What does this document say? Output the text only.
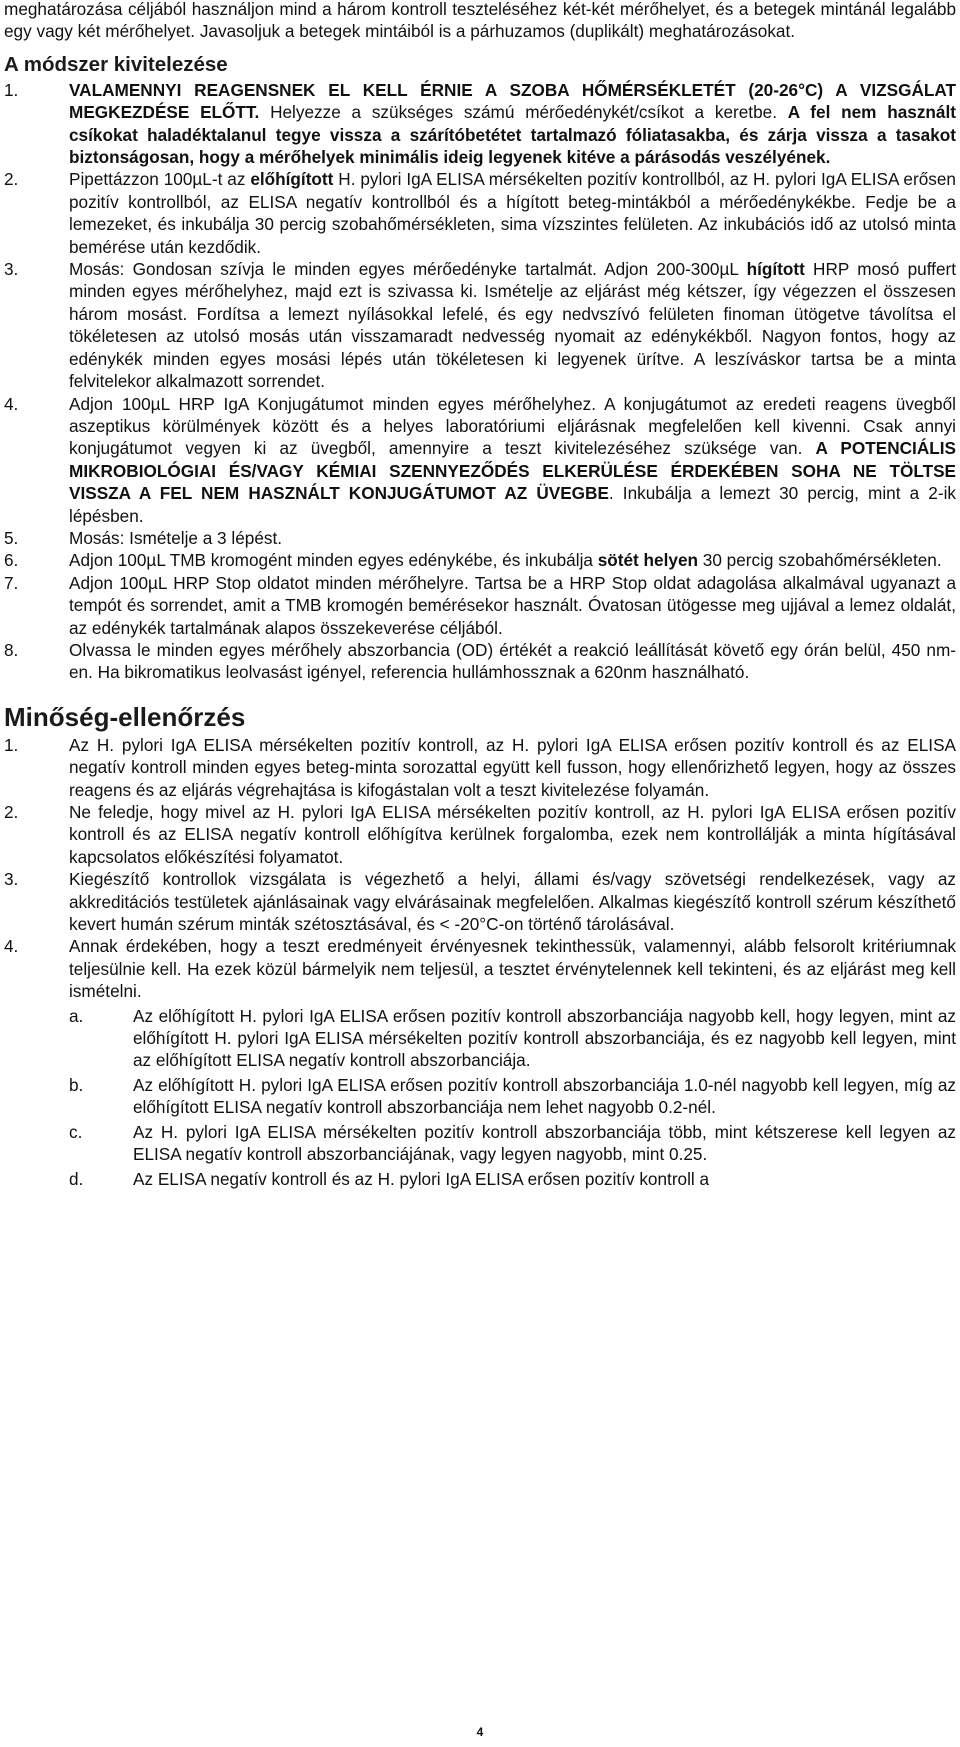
meghatározása céljából használjon mind a három kontroll teszteléséhez két-két mérőhelyet, és a betegek mintánál legalább egy vagy két mérőhelyet. Javasoljuk a betegek mintáiból is a párhuzamos (duplikált) meghatározásokat.

A módszer kivitelezése
1.	VALAMENNYI REAGENSNEK EL KELL ÉRNIE A SZOBA HŐMÉRSÉKLETÉT (20-26°C) A VIZSGÁLAT MEGKEZDÉSE ELŐTT. Helyezze a szükséges számú mérőedénykét/csíkot a keretbe. A fel nem használt csíkokat haladéktalanul tegye vissza a szárítóbetétet tartalmazó fóliatasakba, és zárja vissza a tasakot biztonságosan, hogy a mérőhelyek minimális ideig legyenek kitéve a párásodás veszélyének.
2.	Pipettázzon 100µL-t az előhígított H. pylori IgA ELISA mérsékelten pozitív kontrollból, az H. pylori IgA ELISA erősen pozitív kontrollból, az ELISA negatív kontrollból és a hígított beteg-mintákból a mérőedénykékbe. Fedje be a lemezeket, és inkubálja 30 percig szobahőmérsékleten, sima vízszintes felületen. Az inkubációs idő az utolsó minta bemérése után kezdődik.
3.	Mosás: Gondosan szívja le minden egyes mérőedényke tartalmát. Adjon 200-300µL hígított HRP mosó puffert minden egyes mérőhelyhez, majd ezt is szivassa ki. Ismételje az eljárást még kétszer, így végezzen el összesen három mosást. Fordítsa a lemezt nyílásokkal lefelé, és egy nedvszívó felületen finoman ütögetve távolítsa el tökéletesen az utolsó mosás után visszamaradt nedvesség nyomait az edénykékből. Nagyon fontos, hogy az edénykék minden egyes mosási lépés után tökéletesen ki legyenek ürítve. A leszíváskor tartsa be a minta felvitelekor alkalmazott sorrendet.
4.	Adjon 100µL HRP IgA Konjugátumot minden egyes mérőhelyhez. A konjugátumot az eredeti reagens üvegből aszeptikus körülmények között és a helyes laboratóriumi eljárásnak megfelelően kell kivenni. Csak annyi konjugátumot vegyen ki az üvegből, amennyire a teszt kivitelezéséhez szüksége van. A POTENCIÁLIS MIKROBIOLÓGIAI ÉS/VAGY KÉMIAI SZENNYEZŐDÉS ELKERÜLÉSE ÉRDEKÉBEN SOHA NE TÖLTSE VISSZA A FEL NEM HASZNÁLT KONJUGÁTUMOT AZ ÜVEGBE. Inkubálja a lemezt 30 percig, mint a 2-ik lépésben.
5.	Mosás: Ismételje a 3 lépést.
6.	Adjon 100µL TMB kromogént minden egyes edénykébe, és inkubálja sötét helyen 30 percig szobahőmérsékleten.
7.	Adjon 100µL HRP Stop oldatot minden mérőhelyre. Tartsa be a HRP Stop oldat adagolása alkalmával ugyanazt a tempót és sorrendet, amit a TMB kromogén bemérésekor használt. Óvatosan ütögesse meg ujjával a lemez oldalát, az edénykék tartalmának alapos összekeverése céljából.
8.	Olvassa le minden egyes mérőhely abszorbancia (OD) értékét a reakció leállítását követő egy órán belül, 450 nm-en. Ha bikromatikus leolvasást igényel, referencia hullámhossznak a 620nm használható.
Minőség-ellenőrzés
1.	Az H. pylori IgA ELISA mérsékelten pozitív kontroll, az H. pylori IgA ELISA erősen pozitív kontroll és az ELISA negatív kontroll minden egyes beteg-minta sorozattal együtt kell fusson, hogy ellenőrizhető legyen, hogy az összes reagens és az eljárás végrehajtása is kifogástalan volt a teszt kivitelezése folyamán.
2.	Ne feledje, hogy mivel az H. pylori IgA ELISA mérsékelten pozitív kontroll, az H. pylori IgA ELISA erősen pozitív kontroll és az ELISA negatív kontroll előhígítva kerülnek forgalomba, ezek nem kontrollálják a minta hígításával kapcsolatos előkészítési folyamatot.
3.	Kiegészítő kontrollok vizsgálata is végezhető a helyi, állami és/vagy szövetségi rendelkezések, vagy az akkreditációs testületek ajánlásainak vagy elvárásainak megfelelően. Alkalmas kiegészítő kontroll szérum készíthető kevert humán szérum minták szétosztásával, és < -20°C-on történő tárolásával.
4.	Annak érdekében, hogy a teszt eredményeit érvényesnek tekinthessük, valamennyi, alább felsorolt kritériumnak teljesülnie kell. Ha ezek közül bármelyik nem teljesül, a tesztet érvénytelennek kell tekinteni, és az eljárást meg kell ismételni.
a.	Az előhígított H. pylori IgA ELISA erősen pozitív kontroll abszorbanciája nagyobb kell, hogy legyen, mint az előhígított H. pylori IgA ELISA mérsékelten pozitív kontroll abszorbanciája, és ez nagyobb kell legyen, mint az előhígított ELISA negatív kontroll abszorbanciája.
b.	Az előhígított H. pylori IgA ELISA erősen pozitív kontroll abszorbanciája 1.0-nél nagyobb kell legyen, míg az előhígított ELISA negatív kontroll abszorbanciája nem lehet nagyobb 0.2-nél.
c.	Az H. pylori IgA ELISA mérsékelten pozitív kontroll abszorbanciája több, mint kétszerese kell legyen az ELISA negatív kontroll abszorbanciájának, vagy legyen nagyobb, mint 0.25.
d.	Az ELISA negatív kontroll és az H. pylori IgA ELISA erősen pozitív kontroll a
4
